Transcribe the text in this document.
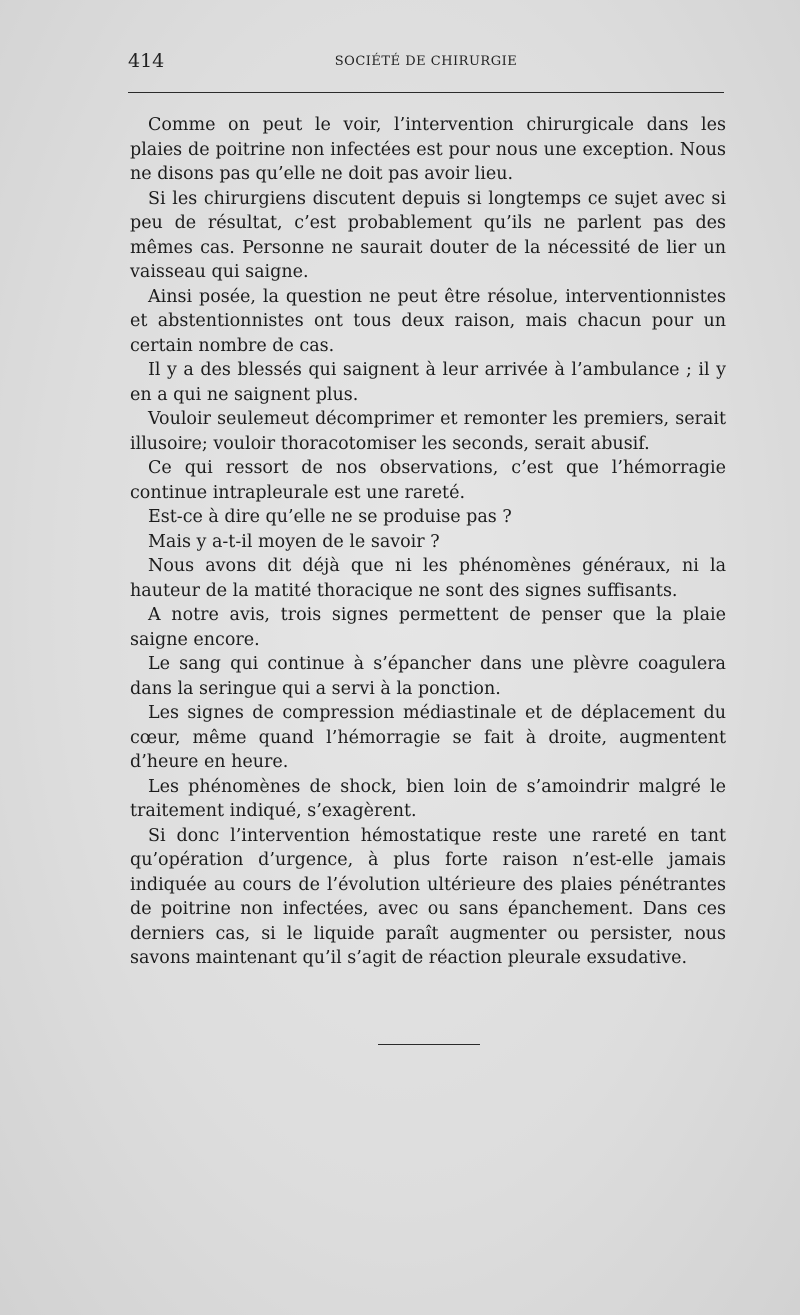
414	SOCIÉTÉ DE CHIRURGIE

Comme on peut le voir, l’intervention chirurgicale dans les plaies de poitrine non infectées est pour nous une exception. Nous ne disons pas qu’elle ne doit pas avoir lieu.

Si les chirurgiens discutent depuis si longtemps ce sujet avec si peu de résultat, c’est probablement qu’ils ne parlent pas des mêmes cas. Personne ne saurait douter de la nécessité de lier un vaisseau qui saigne.

Ainsi posée, la question ne peut être résolue, interventionnistes et abstentionnistes ont tous deux raison, mais chacun pour un certain nombre de cas.

Il y a des blessés qui saignent à leur arrivée à l’ambulance ; il y en a qui ne saignent plus.

Vouloir seulemeut décomprimer et remonter les premiers, serait illusoire; vouloir thoracotomiser les seconds, serait abusif.

Ce qui ressort de nos observations, c’est que l’hémorragie continue intrapleurale est une rareté.

Est-ce à dire qu’elle ne se produise pas ?

Mais y a-t-il moyen de le savoir ?

Nous avons dit déjà que ni les phénomènes généraux, ni la hauteur de la matité thoracique ne sont des signes suffisants.

A notre avis, trois signes permettent de penser que la plaie saigne encore.

Le sang qui continue à s’épancher dans une plèvre coagulera dans la seringue qui a servi à la ponction.

Les signes de compression médiastinale et de déplacement du cœur, même quand l’hémorragie se fait à droite, augmentent d’heure en heure.

Les phénomènes de shock, bien loin de s’amoindrir malgré le traitement indiqué, s’exagèrent.

Si donc l’intervention hémostatique reste une rareté en tant qu’opération d’urgence, à plus forte raison n’est-elle jamais indiquée au cours de l’évolution ultérieure des plaies pénétrantes de poitrine non infectées, avec ou sans épanchement. Dans ces derniers cas, si le liquide paraît augmenter ou persister, nous savons maintenant qu’il s’agit de réaction pleurale exsudative.
